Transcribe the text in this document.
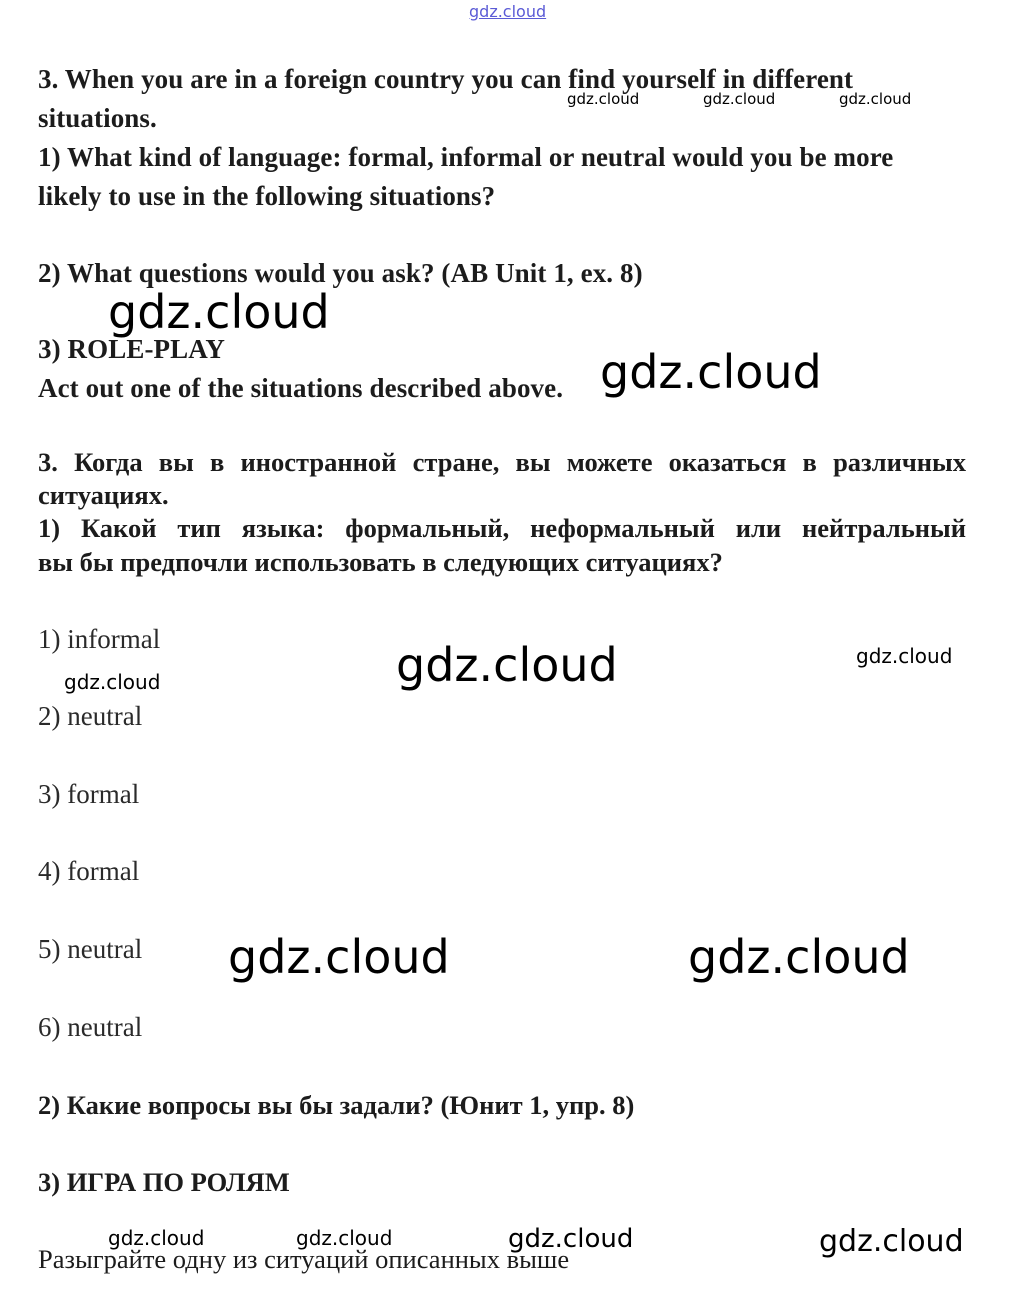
gdz.cloud
3. When you are in a foreign country you can find yourself in different
situations.
1) What kind of language: formal, informal or neutral would you be more
likely to use in the following situations?
2) What questions would you ask? (AB Unit 1, ex. 8)
3) ROLE-PLAY
Act out one of the situations described above.
3. Когда вы в иностранной стране, вы можете оказаться в различных
ситуациях.
1) Какой тип языка: формальный, неформальный или нейтральный
вы бы предпочли использовать в следующих ситуациях?
1) informal
2) neutral
3) formal
4) formal
5) neutral
6) neutral
2) Какие вопросы вы бы задали? (Юнит 1, упр. 8)
3) ИГРА ПО РОЛЯМ
Разыграйте одну из ситуаций описанных выше
gdz.cloud	gdz.cloud	gdz.cloud
gdz.cloud
gdz.cloud
gdz.cloud	gdz.cloud
gdz.cloud
gdz.cloud	gdz.cloud
gdz.cloud	gdz.cloud	gdz.cloud	gdz.cloud
